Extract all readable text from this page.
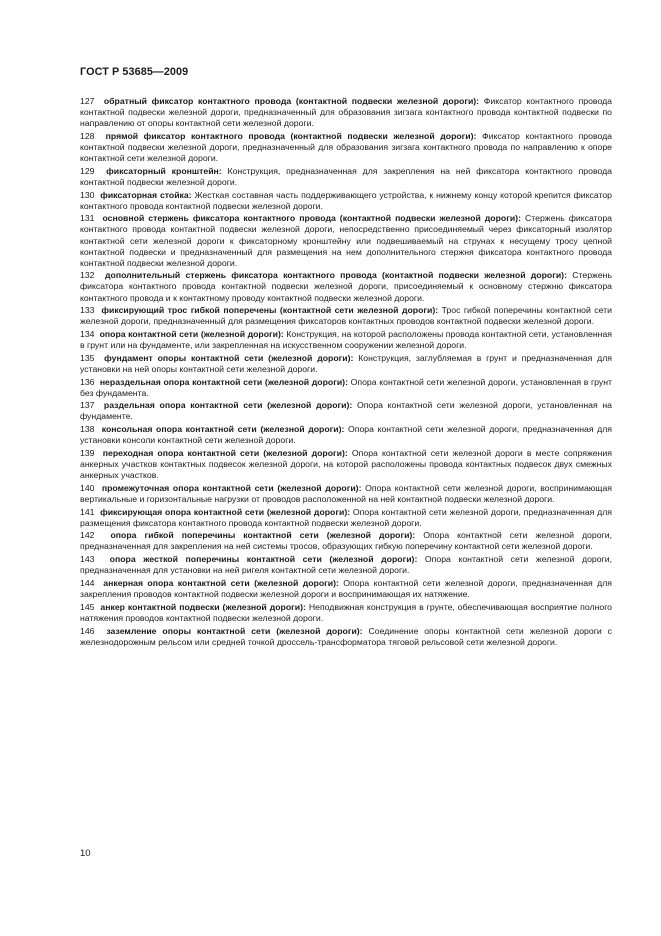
ГОСТ Р 53685—2009

127 обратный фиксатор контактного провода (контактной подвески железной дороги): Фиксатор контактного провода контактной подвески железной дороги, предназначенный для образования зигзага контактного провода контактной подвески по направлению от опоры контактной сети железной дороги.

128 прямой фиксатор контактного провода (контактной подвески железной дороги): Фиксатор контактного провода контактной подвески железной дороги, предназначенный для образования зигзага контактного провода по направлению к опоре контактной сети железной дороги.

129 фиксаторный кронштейн: Конструкция, предназначенная для закрепления на ней фиксатора контактного провода контактной подвески железной дороги.

130 фиксаторная стойка: Жесткая составная часть поддерживающего устройства, к нижнему концу которой крепится фиксатор контактного провода контактной подвески железной дороги.

131 основной стержень фиксатора контактного провода (контактной подвески железной дороги): Стержень фиксатора контактного провода контактной подвески железной дороги, непосредственно присоединяемый через фиксаторный изолятор контактной сети железной дороги к фиксаторному кронштейну или подвешиваемый на струнах к несущему тросу цепной контактной подвески и предназначенный для размещения на нем дополнительного стержня фиксатора контактного провода контактной подвески железной дороги.

132 дополнительный стержень фиксатора контактного провода (контактной подвески железной дороги): Стержень фиксатора контактного провода контактной подвески железной дороги, присоединяемый к основному стержню фиксатора контактного провода и к контактному проводу контактной подвески железной дороги.

133 фиксирующий трос гибкой поперечены (контактной сети железной дороги): Трос гибкой поперечины контактной сети железной дороги, предназначенный для размещения фиксаторов контактных проводов контактной подвески железной дороги.

134 опора контактной сети (железной дороги): Конструкция, на которой расположены провода контактной сети, установленная в грунт или на фундаменте, или закрепленная на искусственном сооружении железной дороги.

135 фундамент опоры контактной сети (железной дороги): Конструкция, заглубляемая в грунт и предназначенная для установки на ней опоры контактной сети железной дороги.

136 нераздельная опора контактной сети (железной дороги): Опора контактной сети железной дороги, установленная в грунт без фундамента.

137 раздельная опора контактной сети (железной дороги): Опора контактной сети железной дороги, установленная на фундаменте.

138 консольная опора контактной сети (железной дороги): Опора контактной сети железной дороги, предназначенная для установки консоли контактной сети железной дороги.

139 переходная опора контактной сети (железной дороги): Опора контактной сети железной дороги в месте сопряжения анкерных участков контактных подвесок железной дороги, на которой расположены провода контактных подвесок двух смежных анкерных участков.

140 промежуточная опора контактной сети (железной дороги): Опора контактной сети железной дороги, воспринимающая вертикальные и горизонтальные нагрузки от проводов расположенной на ней контактной подвески железной дороги.

141 фиксирующая опора контактной сети (железной дороги): Опора контактной сети железной дороги, предназначенная для размещения фиксатора контактного провода контактной подвески железной дороги.

142 опора гибкой поперечины контактной сети (железной дороги): Опора контактной сети железной дороги, предназначенная для закрепления на ней системы тросов, образующих гибкую поперечину контактной сети железной дороги.

143 опора жесткой поперечины контактной сети (железной дороги): Опора контактной сети железной дороги, предназначенная для установки на ней ригеля контактной сети железной дороги.

144 анкерная опора контактной сети (железной дороги): Опора контактной сети железной дороги, предназначенная для закрепления проводов контактной подвески железной дороги и воспринимающая их натяжение.

145 анкер контактной подвески (железной дороги): Неподвижная конструкция в грунте, обеспечивающая восприятие полного натяжения проводов контактной подвески железной дороги.

146 заземление опоры контактной сети (железной дороги): Соединение опоры контактной сети железной дороги с железнодорожным рельсом или средней точкой дроссель-трансформатора тяговой рельсовой сети железной дороги.

10
